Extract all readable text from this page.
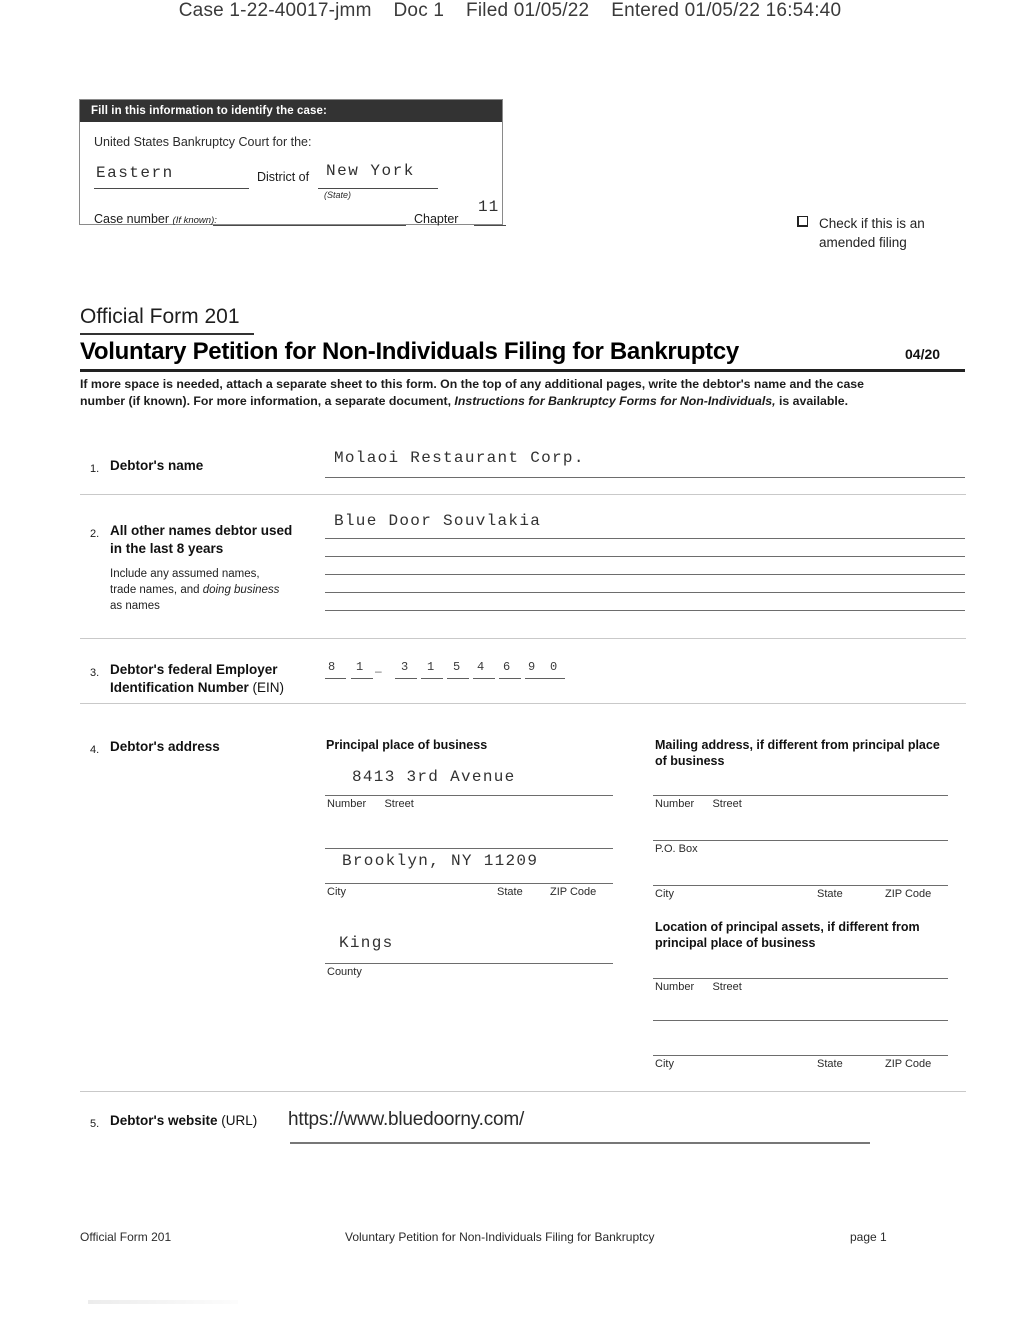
Case 1-22-40017-jmm    Doc 1    Filed 01/05/22    Entered 01/05/22 16:54:40
Fill in this information to identify the case:
United States Bankruptcy Court for the:
Eastern	District of New York
(State)
Case number (If known):	Chapter
11
Check if this is an
amended filing
Official Form 201
Voluntary Petition for Non-Individuals Filing for Bankruptcy	04/20
If more space is needed, attach a separate sheet to this form. On the top of any additional pages, write the debtor's name and the case
number (if known). For more information, a separate document, Instructions for Bankruptcy Forms for Non-Individuals, is available.
1. Debtor's name	Molaoi Restaurant Corp.
2. All other names debtor used
in the last 8 years
Include any assumed names,
trade names, and doing business
as names
Blue Door Souvlakia
3. Debtor's federal Employer
Identification Number (EIN)
8 1 – 3 1 5 4 6 9 0
4. Debtor's address	Principal place of business
8413 3rd Avenue
Number Street
Brooklyn, NY 11209
City	State ZIP Code
Kings
County
Mailing address, if different from principal place
of business
Number Street
P.O. Box
City	State	ZIP Code
Location of principal assets, if different from
principal place of business
Number Street
City	State	ZIP Code
5. Debtor's website (URL) https://www.bluedoorny.com/
Official Form 201	Voluntary Petition for Non-Individuals Filing for Bankruptcy	page 1
